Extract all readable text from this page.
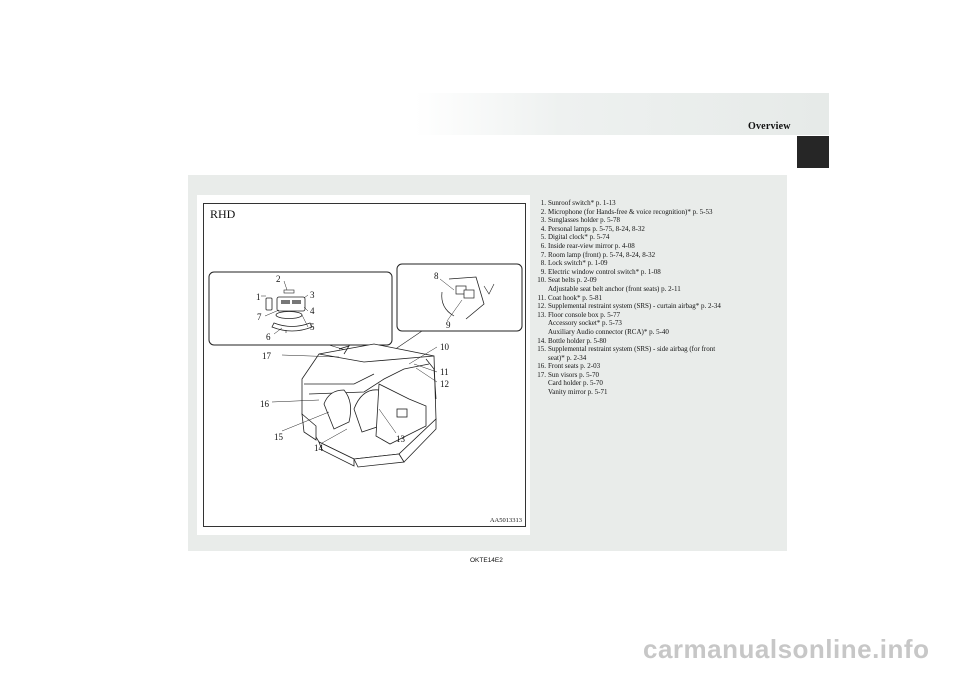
Overview
RHD
1
2
3
4
5
6
7
8
9
10
11
12
13
14
15
16
17
AA5013313
1. Sunroof switch* p. 1-13
2. Microphone (for Hands-free & voice recognition)* p. 5-53
3. Sunglasses holder p. 5-78
4. Personal lamps p. 5-75, 8-24, 8-32
5. Digital clock* p. 5-74
6. Inside rear-view mirror p. 4-08
7. Room lamp (front) p. 5-74, 8-24, 8-32
8. Lock switch* p. 1-09
9. Electric window control switch* p. 1-08
10. Seat belts p. 2-09
Adjustable seat belt anchor (front seats) p. 2-11
11. Coat hook* p. 5-81
12. Supplemental restraint system (SRS) - curtain airbag* p. 2-34
13. Floor console box p. 5-77
Accessory socket* p. 5-73
Auxiliary Audio connector (RCA)* p. 5-40
14. Bottle holder p. 5-80
15. Supplemental restraint system (SRS) - side airbag (for front
seat)* p. 2-34
16. Front seats p. 2-03
17. Sun visors p. 5-70
Card holder p. 5-70
Vanity mirror p. 5-71
OKTE14E2
carmanualsonline.info
